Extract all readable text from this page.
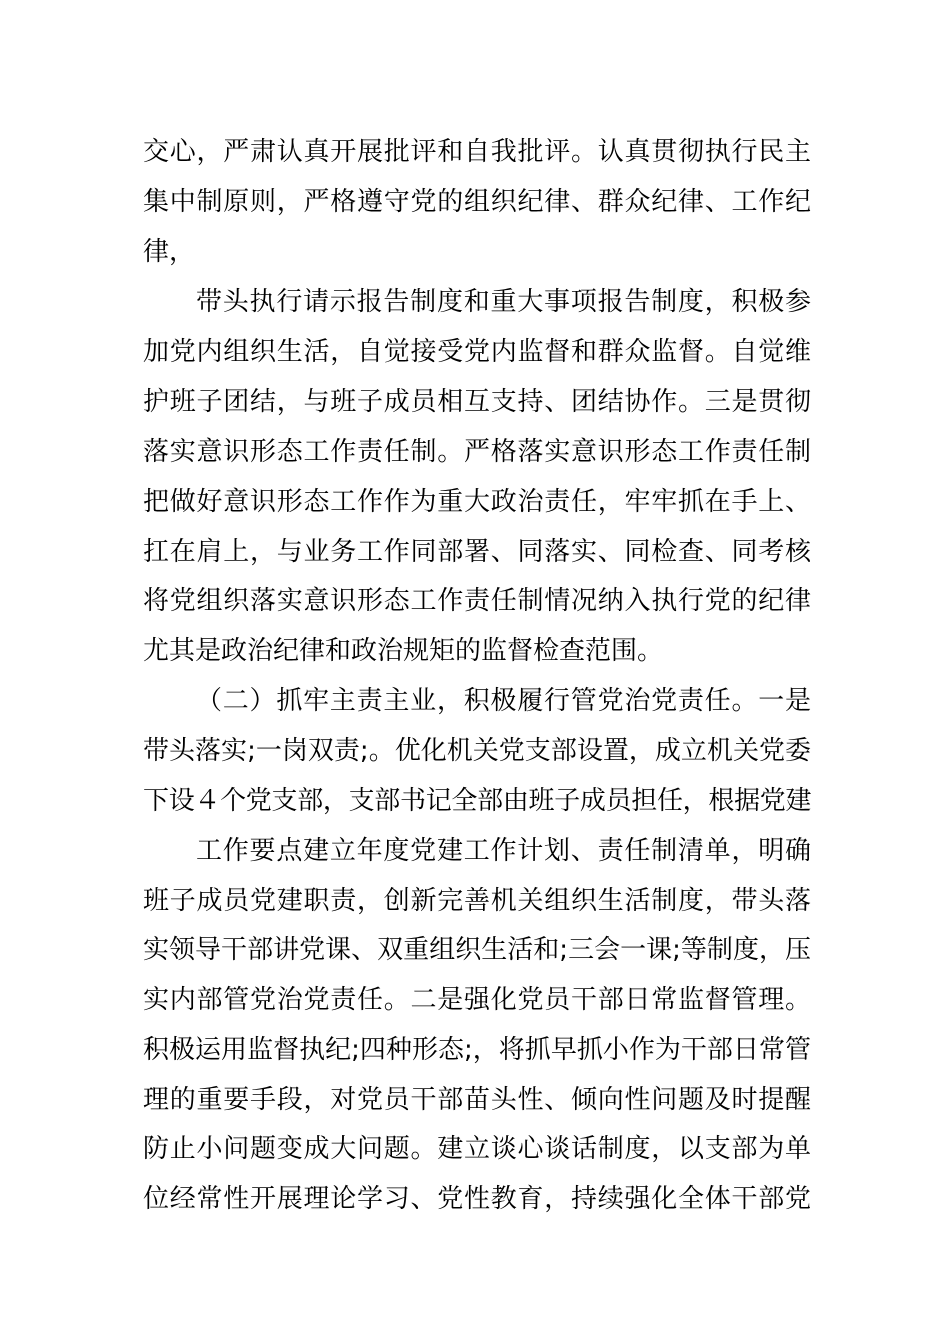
交心，严肃认真开展批评和自我批评。认真贯彻执行民主
集中制原则，严格遵守党的组织纪律、群众纪律、工作纪
律，
带头执行请示报告制度和重大事项报告制度，积极参
加党内组织生活，自觉接受党内监督和群众监督。自觉维
护班子团结，与班子成员相互支持、团结协作。三是贯彻
落实意识形态工作责任制。严格落实意识形态工作责任制
把做好意识形态工作作为重大政治责任，牢牢抓在手上、
扛在肩上，与业务工作同部署、同落实、同检查、同考核
将党组织落实意识形态工作责任制情况纳入执行党的纪律
尤其是政治纪律和政治规矩的监督检查范围。
（二）抓牢主责主业，积极履行管党治党责任。一是
带头落实;一岗双责;。优化机关党支部设置，成立机关党委
下设４个党支部，支部书记全部由班子成员担任，根据党建
工作要点建立年度党建工作计划、责任制清单，明确
班子成员党建职责，创新完善机关组织生活制度，带头落
实领导干部讲党课、双重组织生活和;三会一课;等制度，压
实内部管党治党责任。二是强化党员干部日常监督管理。
积极运用监督执纪;四种形态;，将抓早抓小作为干部日常管
理的重要手段，对党员干部苗头性、倾向性问题及时提醒
防止小问题变成大问题。建立谈心谈话制度，以支部为单
位经常性开展理论学习、党性教育，持续强化全体干部党
